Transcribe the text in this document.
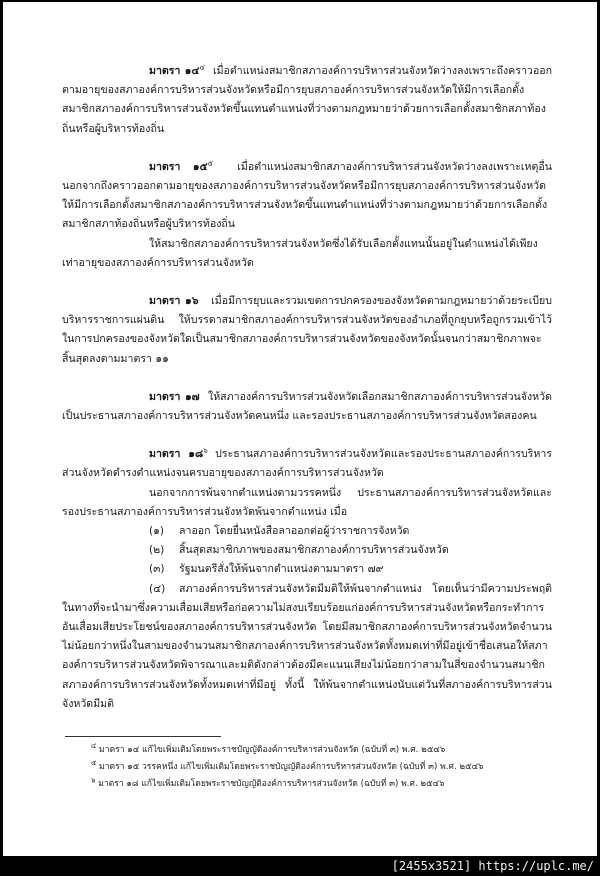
มาตรา ๑๔$^๔$ เมื่อตำแหน่งสมาชิกสภาองค์การบริหารส่วนจังหวัดว่างลงเพราะถึงคราวออกตามอายุของสภาองค์การบริหารส่วนจังหวัดหรือมีการยุบสภาองค์การบริหารส่วนจังหวัดให้มีการเลือกตั้งสมาชิกสภาองค์การบริหารส่วนจังหวัดขึ้นแทนตำแหน่งที่ว่างตามกฎหมายว่าด้วยการเลือกตั้งสมาชิกสภาท้องถิ่นหรือผู้บริหารท้องถิ่น

มาตรา ๑๕$^๕$ เมื่อตำแหน่งสมาชิกสภาองค์การบริหารส่วนจังหวัดว่างลงเพราะเหตุอื่น นอกจากถึงคราวออกตามอายุของสภาองค์การบริหารส่วนจังหวัดหรือมีการยุบสภาองค์การบริหารส่วนจังหวัด ให้มีการเลือกตั้งสมาชิกสภาองค์การบริหารส่วนจังหวัดขึ้นแทนตำแหน่งที่ว่างตามกฎหมายว่าด้วยการเลือกตั้งสมาชิกสภาท้องถิ่นหรือผู้บริหารท้องถิ่น

ให้สมาชิกสภาองค์การบริหารส่วนจังหวัดซึ่งได้รับเลือกตั้งแทนนั้นอยู่ในตำแหน่งได้เพียงเท่าอายุของสภาองค์การบริหารส่วนจังหวัด

มาตรา ๑๖ เมื่อมีการยุบและรวมเขตการปกครองของจังหวัดตามกฎหมายว่าด้วยระเบียบบริหารราชการแผ่นดิน ให้บรรดาสมาชิกสภาองค์การบริหารส่วนจังหวัดของอำเภอที่ถูกยุบหรือถูกรวมเข้าไว้ในการปกครองของจังหวัดใดเป็นสมาชิกสภาองค์การบริหารส่วนจังหวัดของจังหวัดนั้นจนกว่าสมาชิกภาพจะสิ้นสุดลงตามมาตรา ๑๑

มาตรา ๑๗ ให้สภาองค์การบริหารส่วนจังหวัดเลือกสมาชิกสภาองค์การบริหารส่วนจังหวัดเป็นประธานสภาองค์การบริหารส่วนจังหวัดคนหนึ่ง และรองประธานสภาองค์การบริหารส่วนจังหวัดสองคน

มาตรา ๑๘$^๖$ ประธานสภาองค์การบริหารส่วนจังหวัดและรองประธานสภาองค์การบริหารส่วนจังหวัดดำรงตำแหน่งจนครบอายุของสภาองค์การบริหารส่วนจังหวัด

นอกจากการพ้นจากตำแหน่งตามวรรคหนึ่ง ประธานสภาองค์การบริหารส่วนจังหวัดและรองประธานสภาองค์การบริหารส่วนจังหวัดพ้นจากตำแหน่ง เมื่อ

(๑) ลาออก โดยยื่นหนังสือลาออกต่อผู้ว่าราชการจังหวัด

(๒) สิ้นสุดสมาชิกภาพของสมาชิกสภาองค์การบริหารส่วนจังหวัด

(๓) รัฐมนตรีสั่งให้พ้นจากตำแหน่งตามมาตรา ๗๙

(๔) สภาองค์การบริหารส่วนจังหวัดมีมติให้พ้นจากตำแหน่ง โดยเห็นว่ามีความประพฤติในทางที่จะนำมาซึ่งความเสื่อมเสียหรือก่อความไม่สงบเรียบร้อยแก่องค์การบริหารส่วนจังหวัดหรือกระทำการอันเสื่อมเสียประโยชน์ของสภาองค์การบริหารส่วนจังหวัด โดยมีสมาชิกสภาองค์การบริหารส่วนจังหวัดจำนวนไม่น้อยกว่าหนึ่งในสามของจำนวนสมาชิกสภาองค์การบริหารส่วนจังหวัดทั้งหมดเท่าที่มีอยู่เข้าชื่อเสนอให้สภาองค์การบริหารส่วนจังหวัดพิจารณาและมติดังกล่าวต้องมีคะแนนเสียงไม่น้อยกว่าสามในสี่ของจำนวนสมาชิกสภาองค์การบริหารส่วนจังหวัดทั้งหมดเท่าที่มีอยู่ ทั้งนี้ ให้พ้นจากตำแหน่งนับแต่วันที่สภาองค์การบริหารส่วนจังหวัดมีมติ

$^๔$ มาตรา ๑๔ แก้ไขเพิ่มเติมโดยพระราชบัญญัติองค์การบริหารส่วนจังหวัด (ฉบับที่ ๓) พ.ศ. ๒๕๔๖
$^๕$ มาตรา ๑๕ วรรคหนึ่ง แก้ไขเพิ่มเติมโดยพระราชบัญญัติองค์การบริหารส่วนจังหวัด (ฉบับที่ ๓) พ.ศ. ๒๕๔๖
$^๖$ มาตรา ๑๘ แก้ไขเพิ่มเติมโดยพระราชบัญญัติองค์การบริหารส่วนจังหวัด (ฉบับที่ ๓) พ.ศ. ๒๕๔๖
[2455x3521] https://uplc.me/
